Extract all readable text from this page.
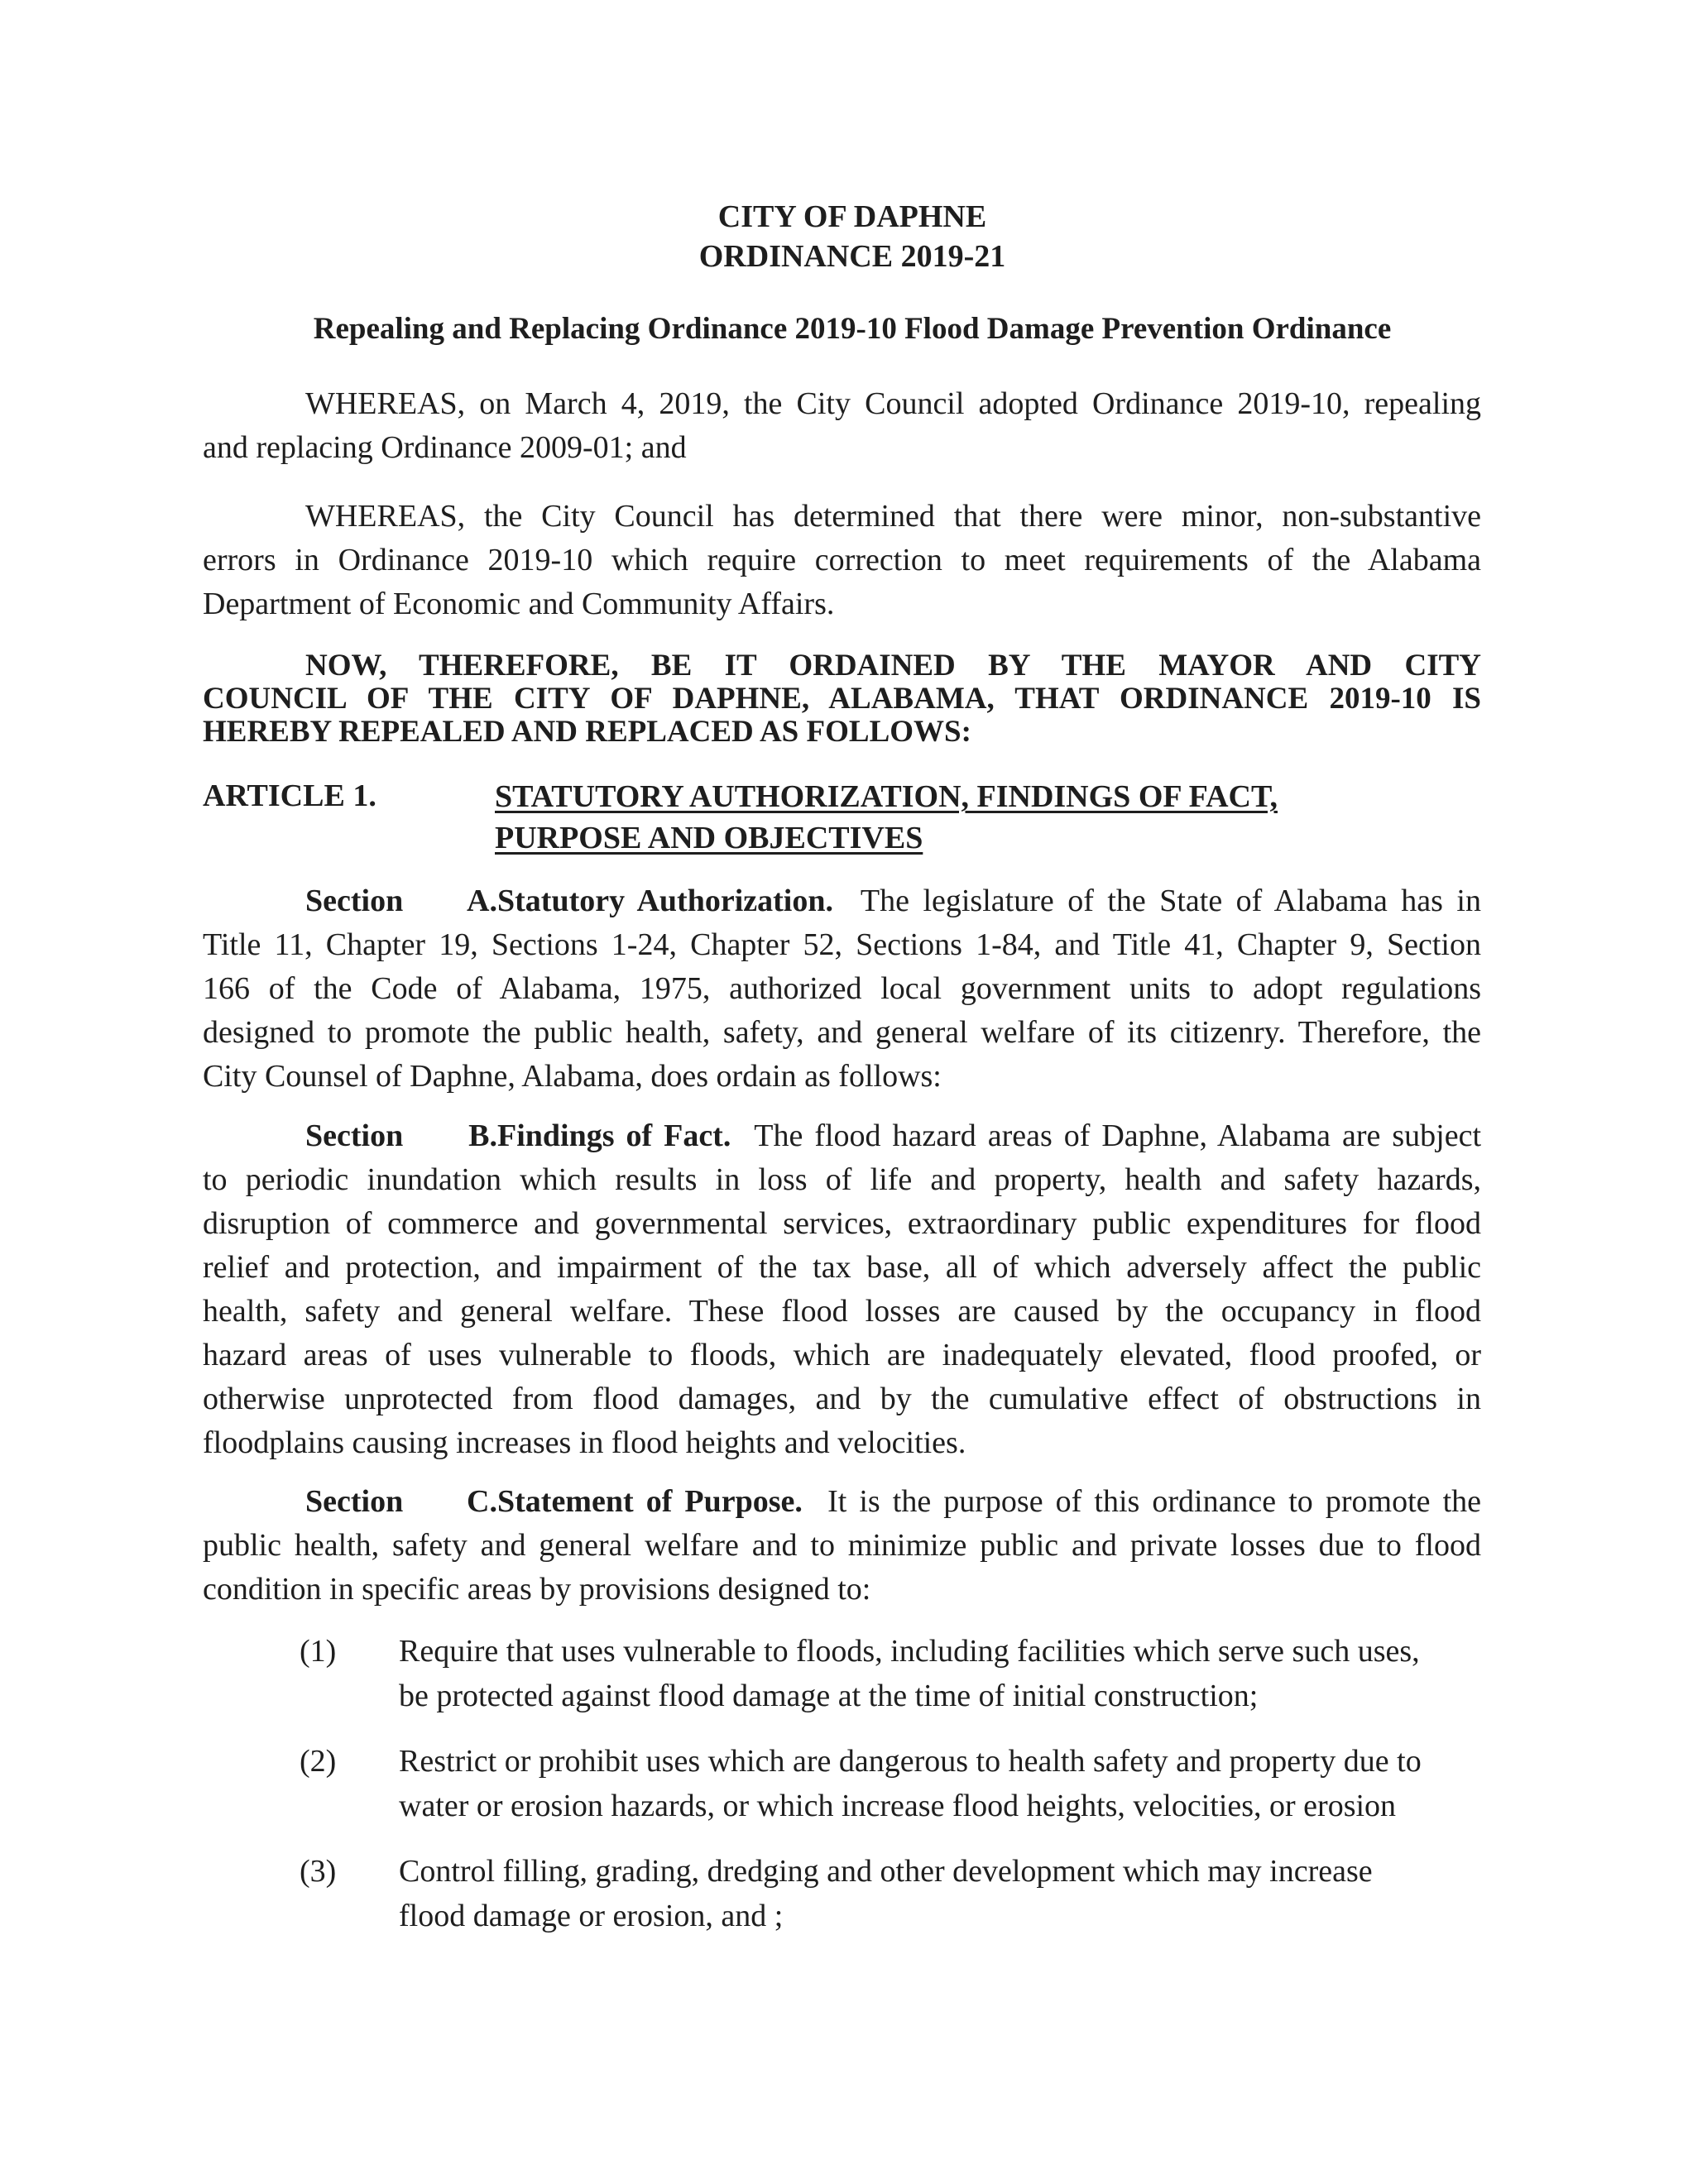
CITY OF DAPHNE
ORDINANCE 2019-21
Repealing and Replacing Ordinance 2019-10 Flood Damage Prevention Ordinance
WHEREAS, on March 4, 2019, the City Council adopted Ordinance 2019-10, repealing
and replacing Ordinance 2009-01; and
WHEREAS, the City Council has determined that there were minor, non-substantive
errors in Ordinance 2019-10 which require correction to meet requirements of the Alabama
Department of Economic and Community Affairs.
NOW, THEREFORE, BE IT ORDAINED BY THE MAYOR AND CITY
COUNCIL OF THE CITY OF DAPHNE, ALABAMA, THAT ORDINANCE 2019-10 IS
HEREBY REPEALED AND REPLACED AS FOLLOWS:
ARTICLE 1.	STATUTORY AUTHORIZATION, FINDINGS OF FACT,
PURPOSE AND OBJECTIVES
Section A.Statutory Authorization. The legislature of the State of Alabama has in
Title 11, Chapter 19, Sections 1-24, Chapter 52, Sections 1-84, and Title 41, Chapter 9, Section
166 of the Code of Alabama, 1975, authorized local government units to adopt regulations
designed to promote the public health, safety, and general welfare of its citizenry. Therefore, the
City Counsel of Daphne, Alabama, does ordain as follows:
Section B.Findings of Fact. The flood hazard areas of Daphne, Alabama are subject
to periodic inundation which results in loss of life and property, health and safety hazards,
disruption of commerce and governmental services, extraordinary public expenditures for flood
relief and protection, and impairment of the tax base, all of which adversely affect the public
health, safety and general welfare. These flood losses are caused by the occupancy in flood
hazard areas of uses vulnerable to floods, which are inadequately elevated, flood proofed, or
otherwise unprotected from flood damages, and by the cumulative effect of obstructions in
floodplains causing increases in flood heights and velocities.
Section C.Statement of Purpose. It is the purpose of this ordinance to promote the
public health, safety and general welfare and to minimize public and private losses due to flood
condition in specific areas by provisions designed to:
(1)	Require that uses vulnerable to floods, including facilities which serve such uses,
be protected against flood damage at the time of initial construction;
(2)	Restrict or prohibit uses which are dangerous to health safety and property due to
water or erosion hazards, or which increase flood heights, velocities, or erosion
(3)	Control filling, grading, dredging and other development which may increase
flood damage or erosion, and ;
